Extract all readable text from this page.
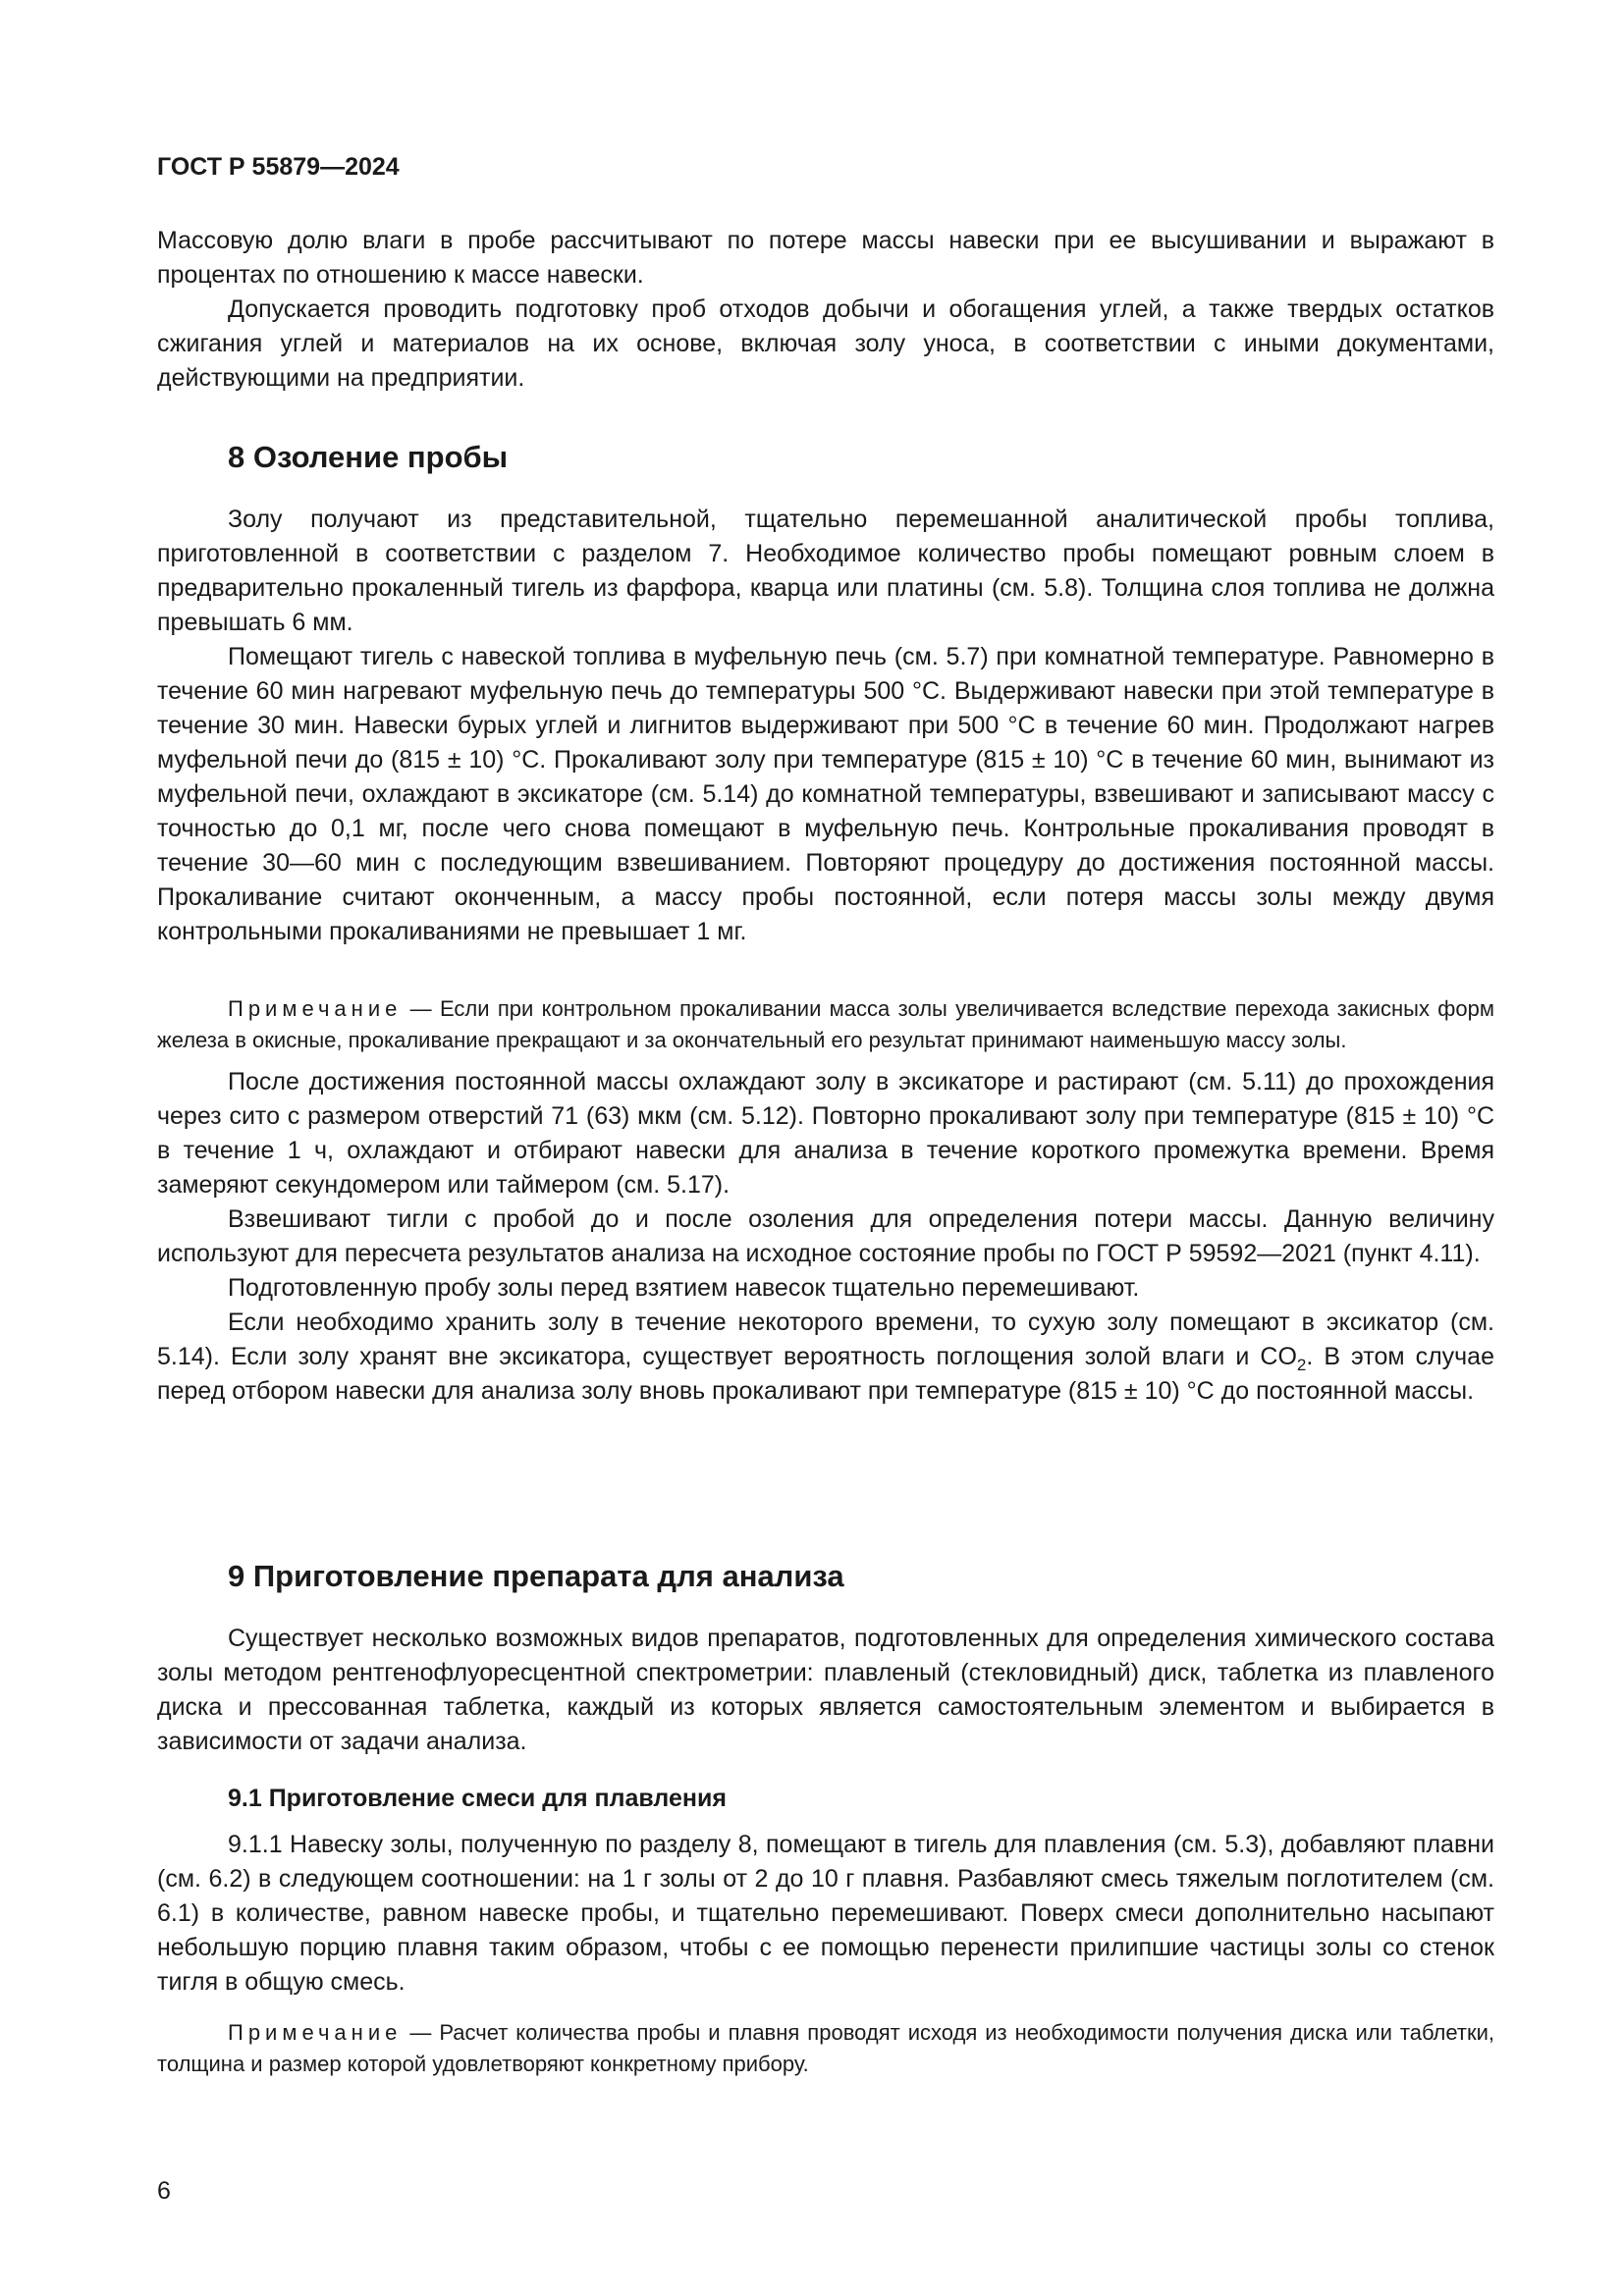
ГОСТ Р 55879—2024

Массовую долю влаги в пробе рассчитывают по потере массы навески при ее высушивании и выражают в процентах по отношению к массе навески.

Допускается проводить подготовку проб отходов добычи и обогащения углей, а также твердых остатков сжигания углей и материалов на их основе, включая золу уноса, в соответствии с иными документами, действующими на предприятии.

8 Озоление пробы

Золу получают из представительной, тщательно перемешанной аналитической пробы топлива, приготовленной в соответствии с разделом 7. Необходимое количество пробы помещают ровным слоем в предварительно прокаленный тигель из фарфора, кварца или платины (см. 5.8). Толщина слоя топлива не должна превышать 6 мм.

Помещают тигель с навеской топлива в муфельную печь (см. 5.7) при комнатной температуре. Равномерно в течение 60 мин нагревают муфельную печь до температуры 500 °С. Выдерживают навески при этой температуре в течение 30 мин. Навески бурых углей и лигнитов выдерживают при 500 °С в течение 60 мин. Продолжают нагрев муфельной печи до (815 ± 10) °С. Прокаливают золу при температуре (815 ± 10) °С в течение 60 мин, вынимают из муфельной печи, охлаждают в эксикаторе (см. 5.14) до комнатной температуры, взвешивают и записывают массу с точностью до 0,1 мг, после чего снова помещают в муфельную печь. Контрольные прокаливания проводят в течение 30—60 мин с последующим взвешиванием. Повторяют процедуру до достижения постоянной массы. Прокаливание считают оконченным, а массу пробы постоянной, если потеря массы золы между двумя контрольными прокаливаниями не превышает 1 мг.

Примечание — Если при контрольном прокаливании масса золы увеличивается вследствие перехода закисных форм железа в окисные, прокаливание прекращают и за окончательный его результат принимают наименьшую массу золы.

После достижения постоянной массы охлаждают золу в эксикаторе и растирают (см. 5.11) до прохождения через сито с размером отверстий 71 (63) мкм (см. 5.12). Повторно прокаливают золу при температуре (815 ± 10) °С в течение 1 ч, охлаждают и отбирают навески для анализа в течение короткого промежутка времени. Время замеряют секундомером или таймером (см. 5.17).

Взвешивают тигли с пробой до и после озоления для определения потери массы. Данную величину используют для пересчета результатов анализа на исходное состояние пробы по ГОСТ Р 59592—2021 (пункт 4.11).

Подготовленную пробу золы перед взятием навесок тщательно перемешивают.

Если необходимо хранить золу в течение некоторого времени, то сухую золу помещают в эксикатор (см. 5.14). Если золу хранят вне эксикатора, существует вероятность поглощения золой влаги и $CO_2$. В этом случае перед отбором навески для анализа золу вновь прокаливают при температуре (815 ± 10) °С до постоянной массы.

9 Приготовление препарата для анализа

Существует несколько возможных видов препаратов, подготовленных для определения химического состава золы методом рентгенофлуоресцентной спектрометрии: плавленый (стекловидный) диск, таблетка из плавленого диска и прессованная таблетка, каждый из которых является самостоятельным элементом и выбирается в зависимости от задачи анализа.

9.1 Приготовление смеси для плавления

9.1.1 Навеску золы, полученную по разделу 8, помещают в тигель для плавления (см. 5.3), добавляют плавни (см. 6.2) в следующем соотношении: на 1 г золы от 2 до 10 г плавня. Разбавляют смесь тяжелым поглотителем (см. 6.1) в количестве, равном навеске пробы, и тщательно перемешивают. Поверх смеси дополнительно насыпают небольшую порцию плавня таким образом, чтобы с ее помощью перенести прилипшие частицы золы со стенок тигля в общую смесь.

Примечание — Расчет количества пробы и плавня проводят исходя из необходимости получения диска или таблетки, толщина и размер которой удовлетворяют конкретному прибору.

6
